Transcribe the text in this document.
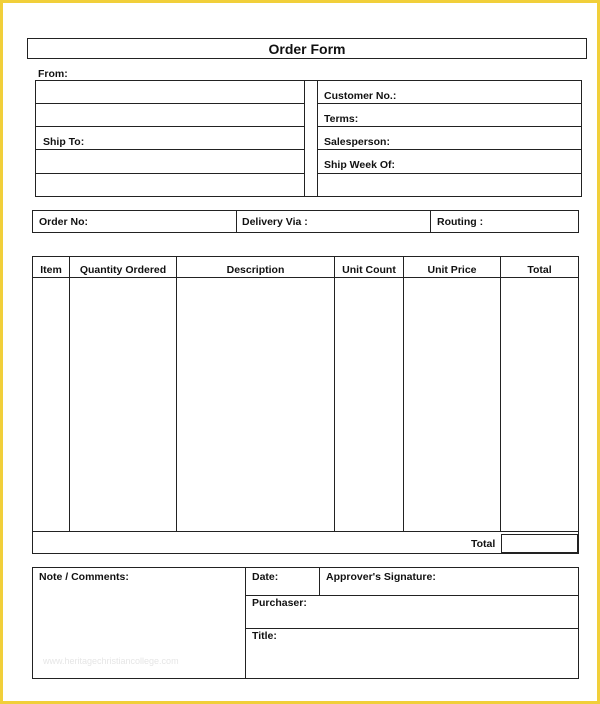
Order Form
From:
Ship To:
Customer No.:
Terms:
Salesperson:
Ship Week Of:
Order No:	Delivery Via :	Routing :
Item	Quantity Ordered	Description	Unit Count	Unit Price	Total
Total
Note / Comments:	Date:	Approver's Signature:
Purchaser:
Title:
www.heritagechristiancollege.com
